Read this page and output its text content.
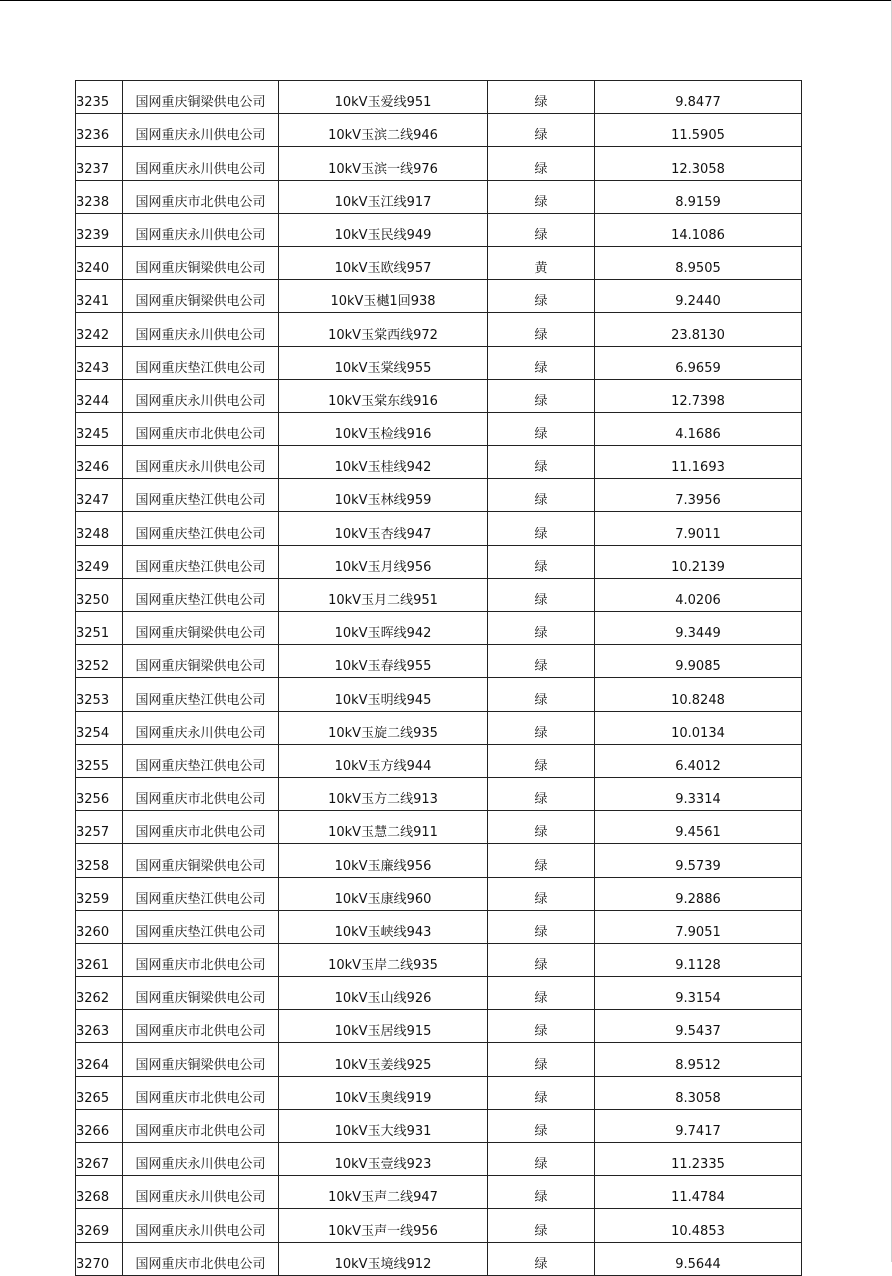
3235	国网重庆铜梁供电公司	10kV玉爱线951	绿	9.8477
3236	国网重庆永川供电公司	10kV玉滨二线946	绿	11.5905
3237	国网重庆永川供电公司	10kV玉滨一线976	绿	12.3058
3238	国网重庆市北供电公司	10kV玉江线917	绿	8.9159
3239	国网重庆永川供电公司	10kV玉民线949	绿	14.1086
3240	国网重庆铜梁供电公司	10kV玉欧线957	黄	8.9505
3241	国网重庆铜梁供电公司	10kV玉樾1回938	绿	9.2440
3242	国网重庆永川供电公司	10kV玉棠西线972	绿	23.8130
3243	国网重庆垫江供电公司	10kV玉棠线955	绿	6.9659
3244	国网重庆永川供电公司	10kV玉棠东线916	绿	12.7398
3245	国网重庆市北供电公司	10kV玉检线916	绿	4.1686
3246	国网重庆永川供电公司	10kV玉桂线942	绿	11.1693
3247	国网重庆垫江供电公司	10kV玉林线959	绿	7.3956
3248	国网重庆垫江供电公司	10kV玉杏线947	绿	7.9011
3249	国网重庆垫江供电公司	10kV玉月线956	绿	10.2139
3250	国网重庆垫江供电公司	10kV玉月二线951	绿	4.0206
3251	国网重庆铜梁供电公司	10kV玉晖线942	绿	9.3449
3252	国网重庆铜梁供电公司	10kV玉春线955	绿	9.9085
3253	国网重庆垫江供电公司	10kV玉明线945	绿	10.8248
3254	国网重庆永川供电公司	10kV玉旋二线935	绿	10.0134
3255	国网重庆垫江供电公司	10kV玉方线944	绿	6.4012
3256	国网重庆市北供电公司	10kV玉方二线913	绿	9.3314
3257	国网重庆市北供电公司	10kV玉慧二线911	绿	9.4561
3258	国网重庆铜梁供电公司	10kV玉廉线956	绿	9.5739
3259	国网重庆垫江供电公司	10kV玉康线960	绿	9.2886
3260	国网重庆垫江供电公司	10kV玉峡线943	绿	7.9051
3261	国网重庆市北供电公司	10kV玉岸二线935	绿	9.1128
3262	国网重庆铜梁供电公司	10kV玉山线926	绿	9.3154
3263	国网重庆市北供电公司	10kV玉居线915	绿	9.5437
3264	国网重庆铜梁供电公司	10kV玉姜线925	绿	8.9512
3265	国网重庆市北供电公司	10kV玉奥线919	绿	8.3058
3266	国网重庆市北供电公司	10kV玉大线931	绿	9.7417
3267	国网重庆永川供电公司	10kV玉壹线923	绿	11.2335
3268	国网重庆永川供电公司	10kV玉声二线947	绿	11.4784
3269	国网重庆永川供电公司	10kV玉声一线956	绿	10.4853
3270	国网重庆市北供电公司	10kV玉境线912	绿	9.5644
